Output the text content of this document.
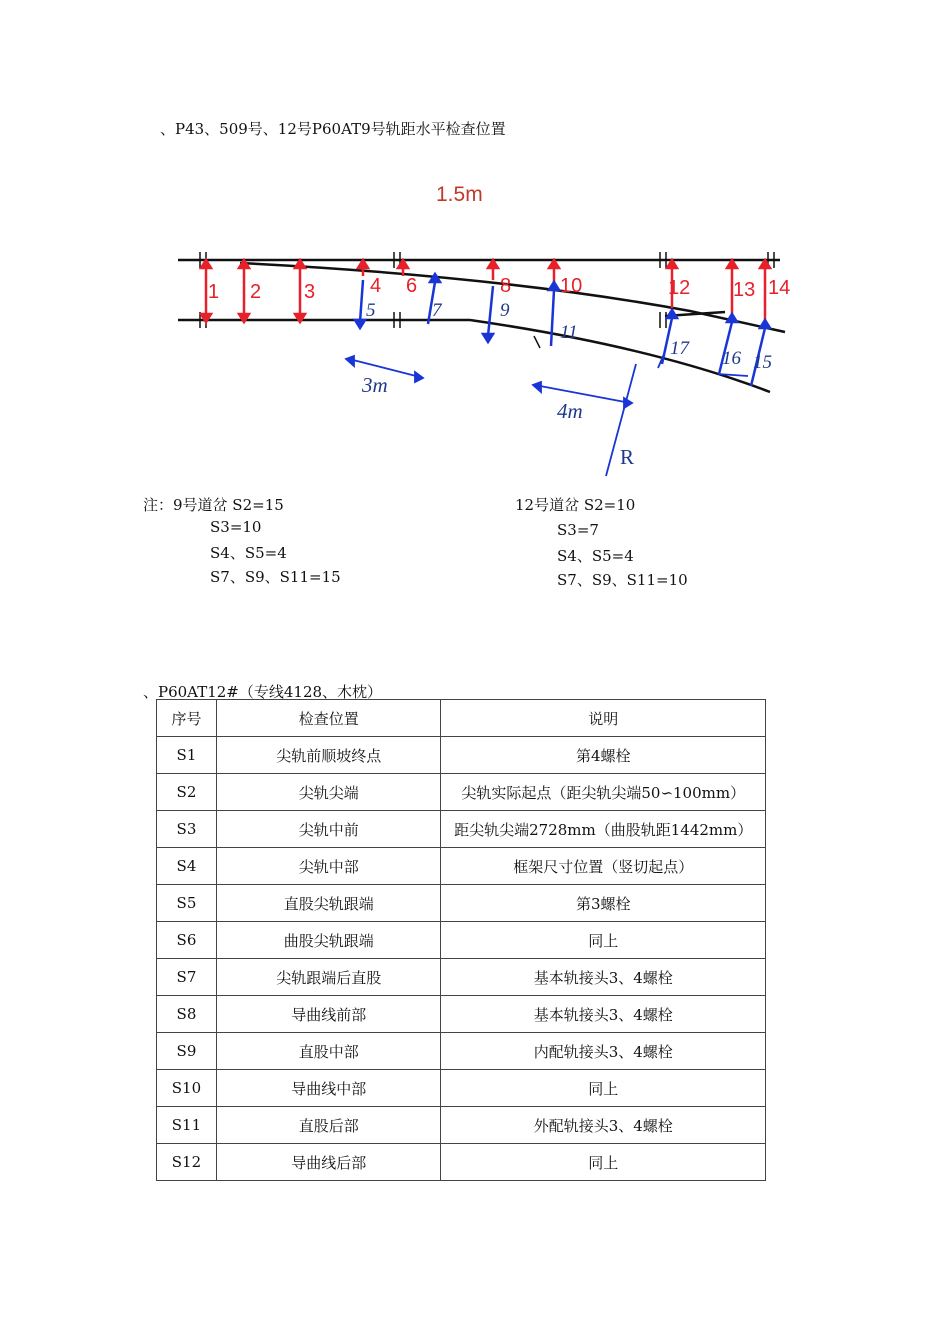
、P43、509号、12号P60AT9号轨距水平检查位置
1.5m
1 2 3	4 6	8 10	12 13 14
5	7	9
11
15
16
17
3m
4m
R
注：9号道岔 S2=15
S3=10
S4、S5=4
S7、S9、S11=15
12号道岔 S2=10
S3=7
S4、S5=4
S7、S9、S11=10
、P60AT12#（专线4128、木枕）
序号	检查位置	说明
S1	尖轨前顺坡终点	第4螺栓
S2	尖轨尖端	尖轨实际起点（距尖轨尖端50∽100mm）
S3	尖轨中前	距尖轨尖端2728mm（曲股轨距1442mm）
S4	尖轨中部	框架尺寸位置（竖切起点）
S5	直股尖轨跟端	第3螺栓
S6	曲股尖轨跟端	同上
S7	尖轨跟端后直股	基本轨接头3、4螺栓
S8	导曲线前部	基本轨接头3、4螺栓
S9	直股中部	内配轨接头3、4螺栓
S10	导曲线中部	同上
S11	直股后部	外配轨接头3、4螺栓
S12	导曲线后部	同上
